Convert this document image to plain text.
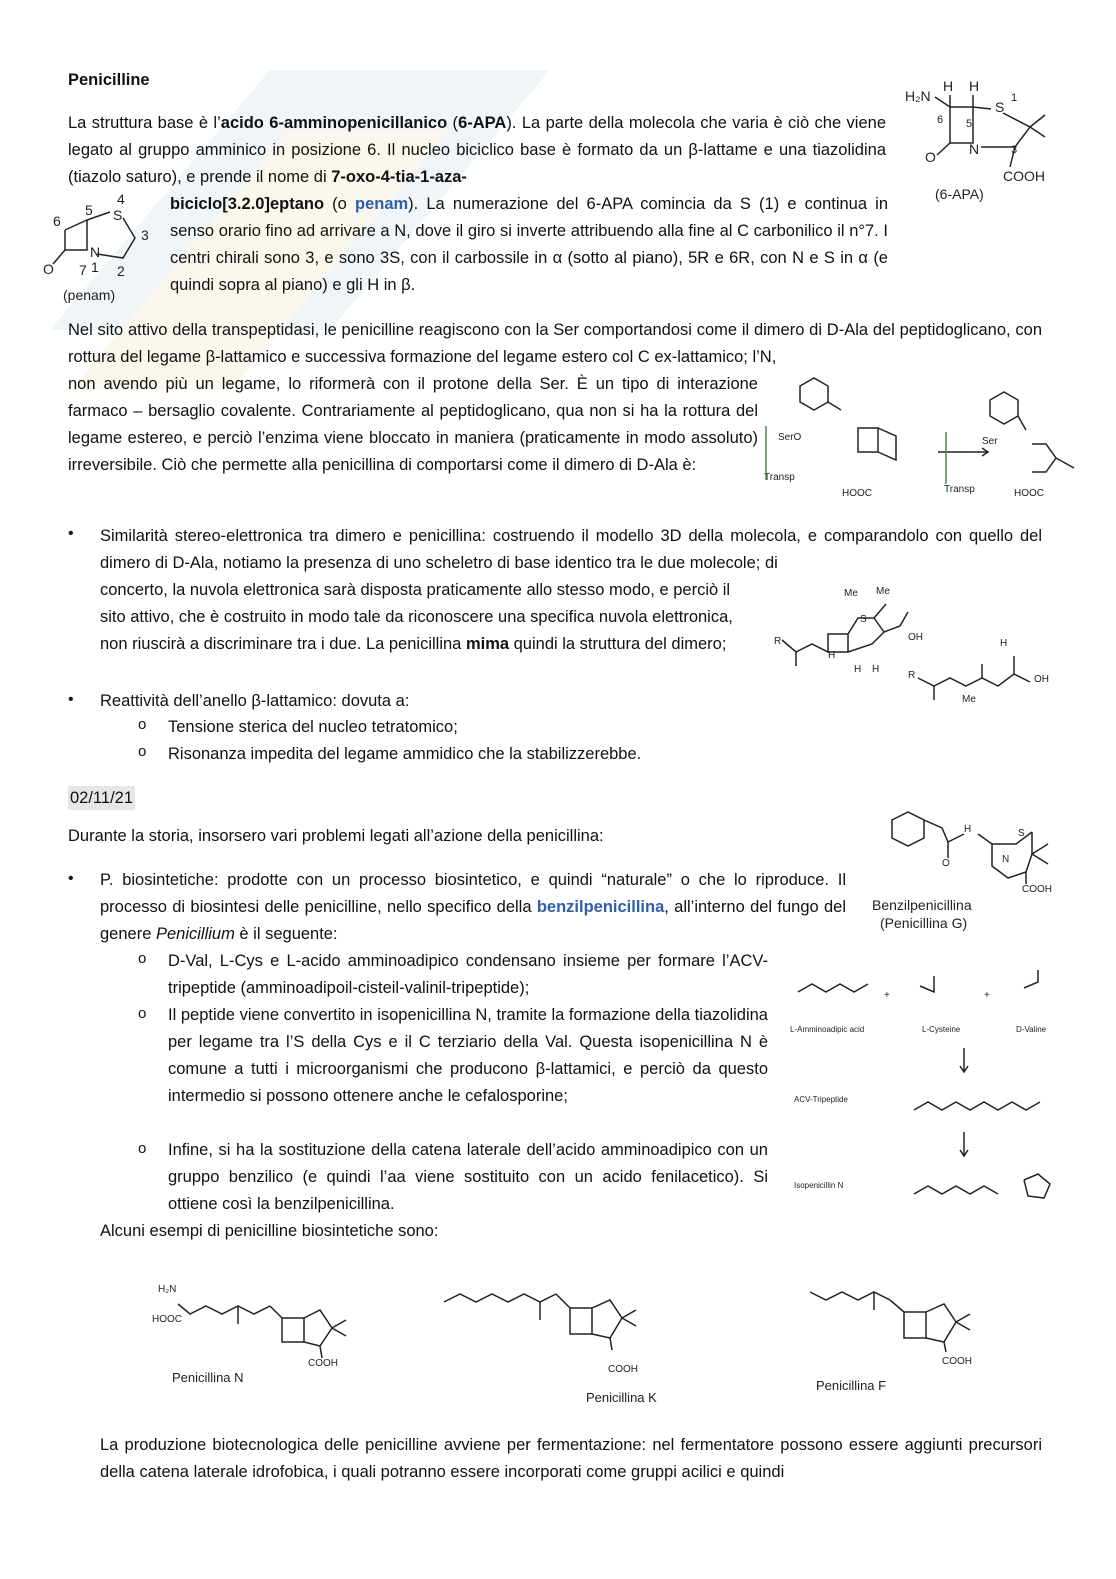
Penicilline
La struttura base è l’acido 6-amminopenicillanico (6-APA). La parte della molecola che varia è ciò che viene legato al gruppo amminico in posizione 6. Il nucleo biciclico base è formato da un β-lattame e una tiazolidina (tiazolo saturo), e prende il nome di 7-oxo-4-tia-1-aza-
biciclo[3.2.0]eptano (o penam). La numerazione del 6-APA comincia da S (1) e continua in senso orario fino ad arrivare a N, dove il giro si inverte attribuendo alla fine al C carbonilico il n°7. I centri chirali sono 3, e sono 3S, con il carbossile in α (sotto al piano), 5R e 6R, con N e S in α (e quindi sopra al piano) e gli H in β.
H₂N
H H
S
1
6 5
N	3
O
COOH
(6-APA)
4
S
5
6
3
N
7 1 2
O
(penam)
Nel sito attivo della transpeptidasi, le penicilline reagiscono con la Ser comportandosi come il dimero di D-Ala del peptidoglicano, con rottura del legame β-lattamico e successiva formazione del legame estero col C ex-lattamico; l’N,
non avendo più un legame, lo riformerà con il protone della Ser. È un tipo di interazione farmaco – bersaglio covalente. Contrariamente al peptidoglicano, qua non si ha la rottura del legame estereo, e perciò l’enzima viene bloccato in maniera (praticamente in modo assoluto) irreversibile. Ciò che permette alla penicillina di comportarsi come il dimero di D-Ala è:
SerO
Transp
HOOC	Transp	HOOC
Ser
• Similarità stereo-elettronica tra dimero e penicillina: costruendo il modello 3D della molecola, e comparandolo con quello del dimero di D-Ala, notiamo la presenza di uno scheletro di base identico tra le due molecole; di
concerto, la nuvola elettronica sarà disposta praticamente allo stesso modo, e perciò il sito attivo, che è costruito in modo tale da riconoscere una specifica nuvola elettronica, non riuscirà a discriminare tra i due. La penicillina mima quindi la struttura del dimero;
• Reattività dell’anello β-lattamico: dovuta a:
o Tensione sterica del nucleo tetratomico;
o Risonanza impedita del legame ammidico che la stabilizzerebbe.
Me Me
S
OH
R
H
H H
R
H
OH
Me
02/11/21
Durante la storia, insorsero vari problemi legati all’azione della penicillina:	H	S
N
O
COOH
Benzilpenicillina
(Penicillina G)
• P. biosintetiche: prodotte con un processo biosintetico, e quindi “naturale” o che lo riproduce. Il processo di biosintesi delle penicilline, nello specifico della benzilpenicillina, all’interno del fungo del genere Penicillium è il seguente:
o D-Val, L-Cys e L-acido amminoadipico condensano insieme per formare l’ACV-tripeptide (amminoadipoil-cisteil-valinil-tripeptide);
o Il peptide viene convertito in isopenicillina N, tramite la formazione della tiazolidina per legame tra l’S della Cys e il C terziario della Val. Questa isopenicillina N è comune a tutti i microorganismi che producono β-lattamici, e perciò da questo intermedio si possono ottenere anche le cefalosporine;
o Infine, si ha la sostituzione della catena laterale dell’acido amminoadipico con un gruppo benzilico (e quindi l’aa viene sostituito con un acido fenilacetico). Si ottiene così la benzilpenicillina.
+	+
L-Amminoadipic acid	L-Cysteine	D-Valine
ACV-Tripeptide
Isopenicillin N
Alcuni esempi di penicilline biosintetiche sono:
H₂N
HOOC
COOH
Penicillina N
COOH
Penicillina K
COOH
Penicillina F
La produzione biotecnologica delle penicilline avviene per fermentazione: nel fermentatore possono essere aggiunti precursori della catena laterale idrofobica, i quali potranno essere incorporati come gruppi acilici e quindi
